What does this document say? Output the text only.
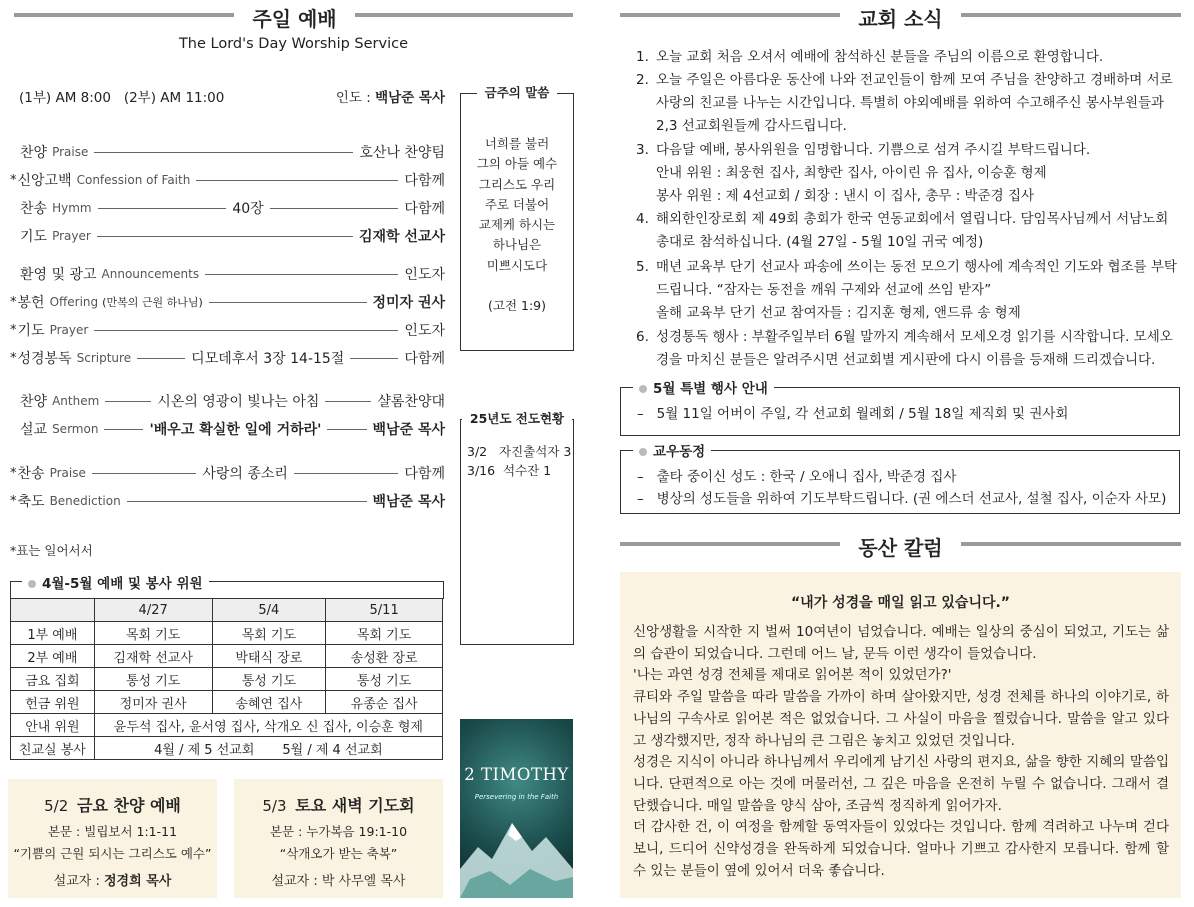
주일 예배
The Lord's Day Worship Service
(1부) AM 8:00   (2부) AM 11:00	인도 : 백남준 목사
찬양 Praise	호산나 찬양팀
* 신앙고백 Confession of Faith	다함께
찬송 Hymm	40장	다함께
기도 Prayer	김재학 선교사
환영 및 광고 Announcements	인도자
* 봉헌 Offering (만복의 근원 하나님)	정미자 권사
* 기도 Prayer	인도자
* 성경봉독 Scripture	디모데후서 3장 14-15절	다함께
찬양 Anthem	시온의 영광이 빛나는 아침	샬롬찬양대
설교 Sermon	'배우고 확실한 일에 거하라'	백남준 목사
* 찬송 Praise	사랑의 종소리	다함께
* 축도 Benediction	백남준 목사
*표는 일어서서
금주의 말씀
너희를 불러
그의 아들 예수
그리스도 우리
주로 더불어
교제케 하시는
하나님은
미쁘시도다
(고전 1:9)
25년도 전도현황
3/2   자진출석자 3
3/16  석수잔 1
4월-5월 예배 및 봉사 위원
	4/27	5/4	5/11
1부 예배	목회 기도	목회 기도	목회 기도
2부 예배	김재학 선교사	박태식 장로	송성환 장로
금요 집회	통성 기도	통성 기도	통성 기도
헌금 위원	정미자 권사	송혜연 집사	유종순 집사
안내 위원	윤두석 집사, 윤서영 집사, 삭개오 신 집사, 이승훈 형제		
친교실 봉사	4월 / 제 5 선교회 5월 / 제 4 선교회		
5/2 금요 찬양 예배
본문 : 빌립보서 1:1-11
“기쁨의 근원 되시는 그리스도 예수”
설교자 : 정경희 목사
5/3 토요 새벽 기도회
본문 : 누가복음 19:1-10
“삭개오가 받는 축복”
설교자 : 박 사무엘 목사
2 TIMOTHY
Persevering in the Faith
교회 소식
1. 오늘 교회 처음 오셔서 예배에 참석하신 분들을 주님의 이름으로 환영합니다.
2. 오늘 주일은 아름다운 동산에 나와 전교인들이 함께 모여 주님을 찬양하고 경배하며 서로 사랑의 친교를 나누는 시간입니다. 특별히 야외예배를 위하여 수고해주신 봉사부원들과 2,3 선교회원들께 감사드립니다.
3. 다음달 예배, 봉사위원을 임명합니다. 기쁨으로 섬겨 주시길 부탁드립니다.
안내 위원 : 최웅현 집사, 최향란 집사, 아이린 유 집사, 이승훈 형제
봉사 위원 : 제 4선교회 / 회장 : 낸시 이 집사, 총무 : 박준경 집사
4. 해외한인장로회 제 49회 총회가 한국 연동교회에서 열립니다. 담임목사님께서 서남노회 총대로 참석하십니다. (4월 27일 - 5월 10일 귀국 예정)
5. 매년 교육부 단기 선교사 파송에 쓰이는 동전 모으기 행사에 계속적인 기도와 협조를 부탁드립니다. “잠자는 동전을 깨워 구제와 선교에 쓰임 받자”
올해 교육부 단기 선교 참여자들 : 김지훈 형제, 앤드류 송 형제
6. 성경통독 행사 : 부활주일부터 6월 말까지 계속해서 모세오경 읽기를 시작합니다. 모세오경을 마치신 분들은 알려주시면 선교회별 게시판에 다시 이름을 등재해 드리겠습니다.
5월 특별 행사 안내
–   5월 11일 어버이 주일, 각 선교회 월례회 / 5월 18일 제직회 및 권사회
교우동정
–   출타 중이신 성도 : 한국 / 오애니 집사, 박준경 집사
–   병상의 성도들을 위하여 기도부탁드립니다. (권 에스더 선교사, 설철 집사, 이순자 사모)
동산 칼럼
“내가 성경을 매일 읽고 있습니다.”

신앙생활을 시작한 지 벌써 10여년이 넘었습니다. 예배는 일상의 중심이 되었고, 기도는 삶의 습관이 되었습니다. 그런데 어느 날, 문득 이런 생각이 들었습니다.

'나는 과연 성경 전체를 제대로 읽어본 적이 있었던가?'

큐티와 주일 말씀을 따라 말씀을 가까이 하며 살아왔지만, 성경 전체를 하나의 이야기로, 하나님의 구속사로 읽어본 적은 없었습니다. 그 사실이 마음을 찔렀습니다. 말씀을 알고 있다고 생각했지만, 정작 하나님의 큰 그림은 놓치고 있었던 것입니다.

성경은 지식이 아니라 하나님께서 우리에게 남기신 사랑의 편지요, 삶을 향한 지혜의 말씀입니다. 단편적으로 아는 것에 머물러선, 그 깊은 마음을 온전히 누릴 수 없습니다. 그래서 결단했습니다. 매일 말씀을 양식 삼아, 조금씩 정직하게 읽어가자.

더 감사한 건, 이 여정을 함께할 동역자들이 있었다는 것입니다. 함께 격려하고 나누며 걷다 보니, 드디어 신약성경을 완독하게 되었습니다. 얼마나 기쁘고 감사한지 모릅니다. 함께 할수 있는 분들이 옆에 있어서 더욱 좋습니다.
